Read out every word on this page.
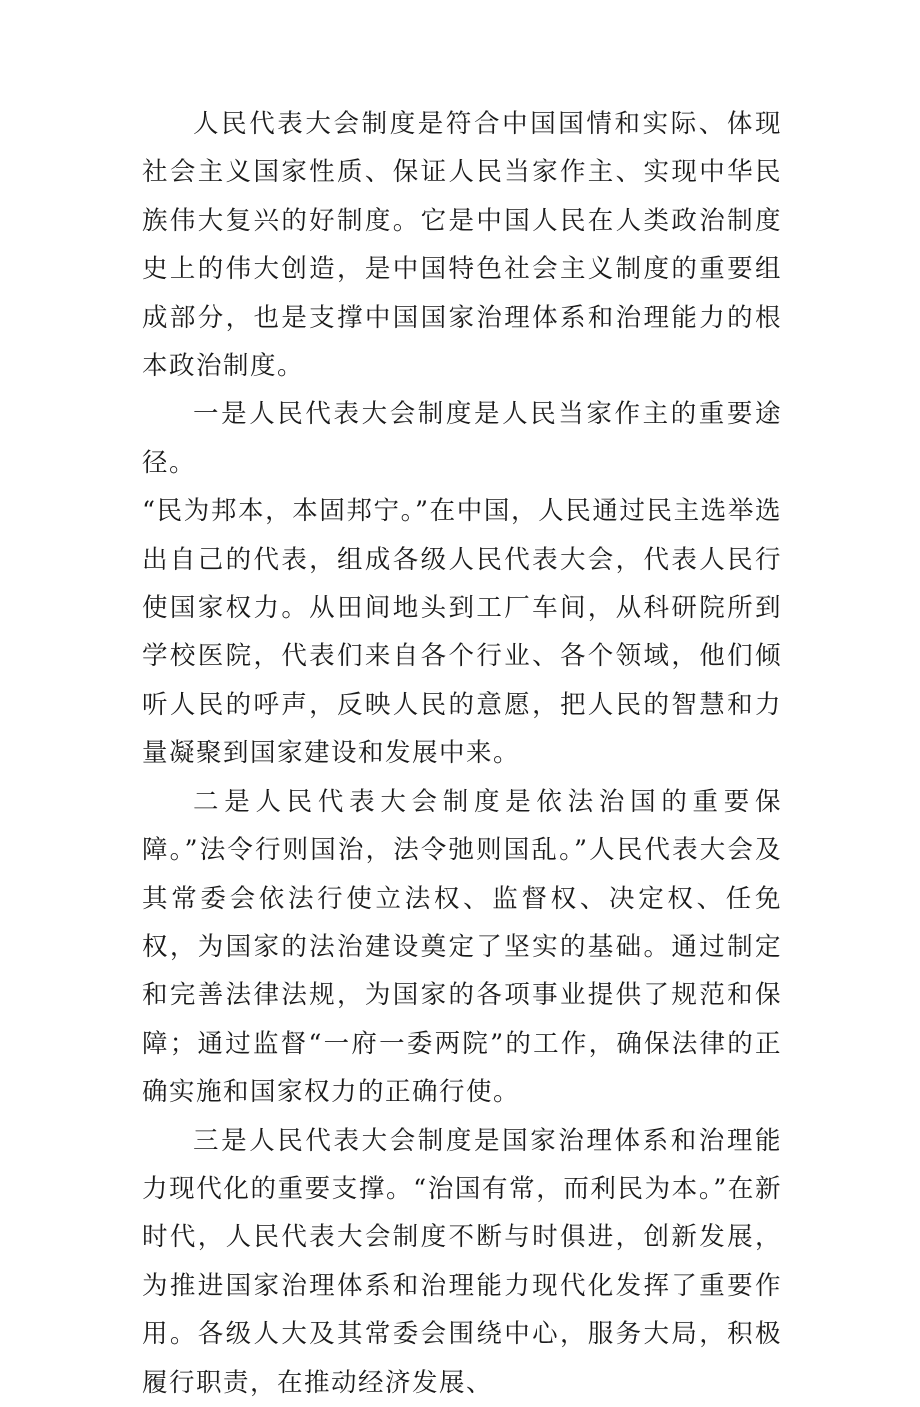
人民代表大会制度是符合中国国情和实际、体现社会主义国家性质、保证人民当家作主、实现中华民族伟大复兴的好制度。它是中国人民在人类政治制度史上的伟大创造，是中国特色社会主义制度的重要组成部分，也是支撑中国国家治理体系和治理能力的根本政治制度。

一是人民代表大会制度是人民当家作主的重要途径。

“民为邦本，本固邦宁。”在中国，人民通过民主选举选出自己的代表，组成各级人民代表大会，代表人民行使国家权力。从田间地头到工厂车间，从科研院所到学校医院，代表们来自各个行业、各个领域，他们倾听人民的呼声，反映人民的意愿，把人民的智慧和力量凝聚到国家建设和发展中来。

二是人民代表大会制度是依法治国的重要保障。”法令行则国治，法令弛则国乱。”人民代表大会及其常委会依法行使立法权、监督权、决定权、任免权，为国家的法治建设奠定了坚实的基础。通过制定和完善法律法规，为国家的各项事业提供了规范和保障；通过监督“一府一委两院”的工作，确保法律的正确实施和国家权力的正确行使。

三是人民代表大会制度是国家治理体系和治理能力现代化的重要支撑。“治国有常，而利民为本。”在新时代，人民代表大会制度不断与时俱进，创新发展，为推进国家治理体系和治理能力现代化发挥了重要作用。各级人大及其常委会围绕中心，服务大局，积极履行职责，在推动经济发展、
